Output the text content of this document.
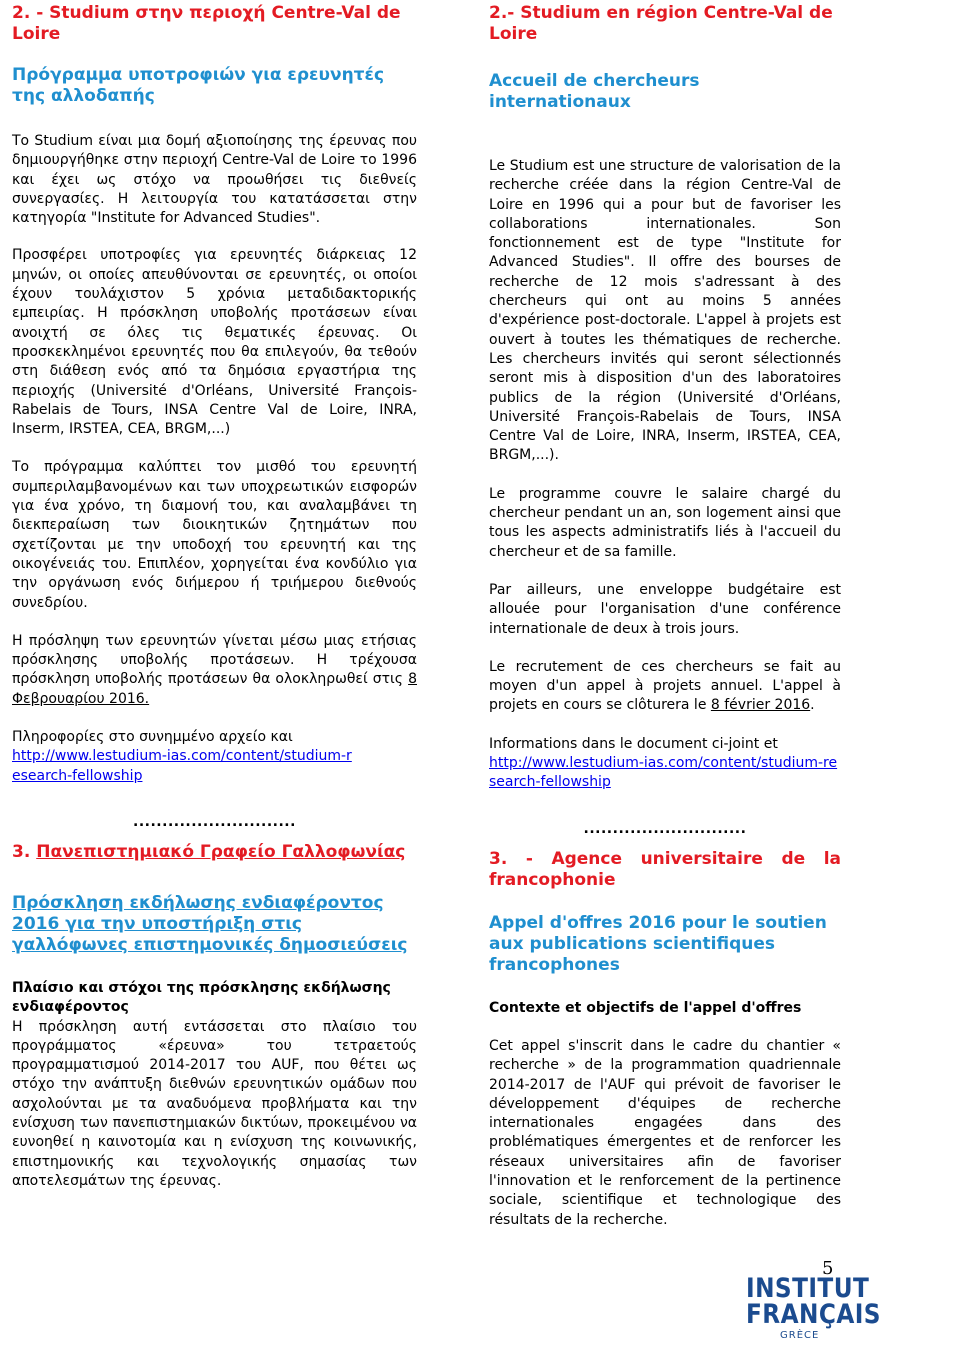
2. - Studium στην περιοχή Centre-Val de Loire
Πρόγραμμα υποτροφιών για ερευνητές της αλλοδαπής

Το Studium είναι μια δομή αξιοποίησης της έρευνας που δημιουργήθηκε στην περιοχή Centre-Val de Loire το 1996 και έχει ως στόχο να προωθήσει τις διεθνείς συνεργασίες. Η λειτουργία του κατατάσσεται στην κατηγορία "Institute for Advanced Studies".

Προσφέρει υποτροφίες για ερευνητές διάρκειας 12 μηνών, οι οποίες απευθύνονται σε ερευνητές, οι οποίοι έχουν τουλάχιστον 5 χρόνια μεταδιδακτορικής εμπειρίας. Η πρόσκληση υποβολής προτάσεων είναι ανοιχτή σε όλες τις θεματικές έρευνας. Οι προσκεκλημένοι ερευνητές που θα επιλεγούν, θα τεθούν στη διάθεση ενός από τα δημόσια εργαστήρια της περιοχής (Université d'Orléans, Université François-Rabelais de Tours, INSA Centre Val de Loire, INRA, Inserm, IRSTEA, CEA, BRGM,...)

Το πρόγραμμα καλύπτει τον μισθό του ερευνητή συμπεριλαμβανομένων και των υποχρεωτικών εισφορών για ένα χρόνο, τη διαμονή του, και αναλαμβάνει τη διεκπεραίωση των διοικητικών ζητημάτων που σχετίζονται με την υποδοχή του ερευνητή και της οικογένειάς του. Επιπλέον, χορηγείται ένα κονδύλιο για την οργάνωση ενός διήμερου ή τριήμερου διεθνούς συνεδρίου.

Η πρόσληψη των ερευνητών γίνεται μέσω μιας ετήσιας πρόσκλησης υποβολής προτάσεων. Η τρέχουσα πρόσκληση υποβολής προτάσεων θα ολοκληρωθεί στις 8 Φεβρουαρίου 2016.

Πληροφορίες στο συνημμένο αρχείο και

http://www.lestudium-ias.com/content/studium-research-fellowship

............................

3. Πανεπιστημιακό Γραφείο Γαλλοφωνίας
Πρόσκληση εκδήλωσης ενδιαφέροντος 2016 για την υποστήριξη στις γαλλόφωνες επιστημονικές δημοσιεύσεις

Πλαίσιο και στόχοι της πρόσκλησης εκδήλωσης ενδιαφέροντος

Η πρόσκληση αυτή εντάσσεται στο πλαίσιο του προγράμματος «έρευνα» του τετραετούς προγραμματισμού 2014-2017 του AUF, που θέτει ως στόχο την ανάπτυξη διεθνών ερευνητικών ομάδων που ασχολούνται με τα αναδυόμενα προβλήματα και την ενίσχυση των πανεπιστημιακών δικτύων, προκειμένου να ευνοηθεί η καινοτομία και η ενίσχυση της κοινωνικής, επιστημονικής και τεχνολογικής σημασίας των αποτελεσμάτων της έρευνας.

2.- Studium en région Centre-Val de Loire
Accueil de chercheurs internationaux

Le Studium est une structure de valorisation de la recherche créée dans la région Centre-Val de Loire en 1996 qui a pour but de favoriser les collaborations internationales. Son fonctionnement est de type "Institute for Advanced Studies". Il offre des bourses de recherche de 12 mois s'adressant à des chercheurs qui ont au moins 5 années d'expérience post-doctorale. L'appel à projets est ouvert à toutes les thématiques de recherche. Les chercheurs invités qui seront sélectionnés seront mis à disposition d'un des laboratoires publics de la région (Université d'Orléans, Université François-Rabelais de Tours, INSA Centre Val de Loire, INRA, Inserm, IRSTEA, CEA, BRGM,...).

Le programme couvre le salaire chargé du chercheur pendant un an, son logement ainsi que tous les aspects administratifs liés à l'accueil du chercheur et de sa famille.

Par ailleurs, une enveloppe budgétaire est allouée pour l'organisation d'une conférence internationale de deux à trois jours.

Le recrutement de ces chercheurs se fait au moyen d'un appel à projets annuel. L'appel à projets en cours se clôturera le 8 février 2016.

Informations dans le document ci-joint et

http://www.lestudium-ias.com/content/studium-research-fellowship

............................

3. - Agence universitaire de la francophonie
Appel d'offres 2016 pour le soutien aux publications scientifiques francophones

Contexte et objectifs de l'appel d'offres

Cet appel s'inscrit dans le cadre du chantier « recherche » de la programmation quadriennale 2014-2017 de l'AUF qui prévoit de favoriser le développement d'équipes de recherche internationales engagées dans des problématiques émergentes et de renforcer les réseaux universitaires afin de favoriser l'innovation et le renforcement de la pertinence sociale, scientifique et technologique des résultats de la recherche.

5
INSTITUT
FRANÇAIS
GRÈCE
